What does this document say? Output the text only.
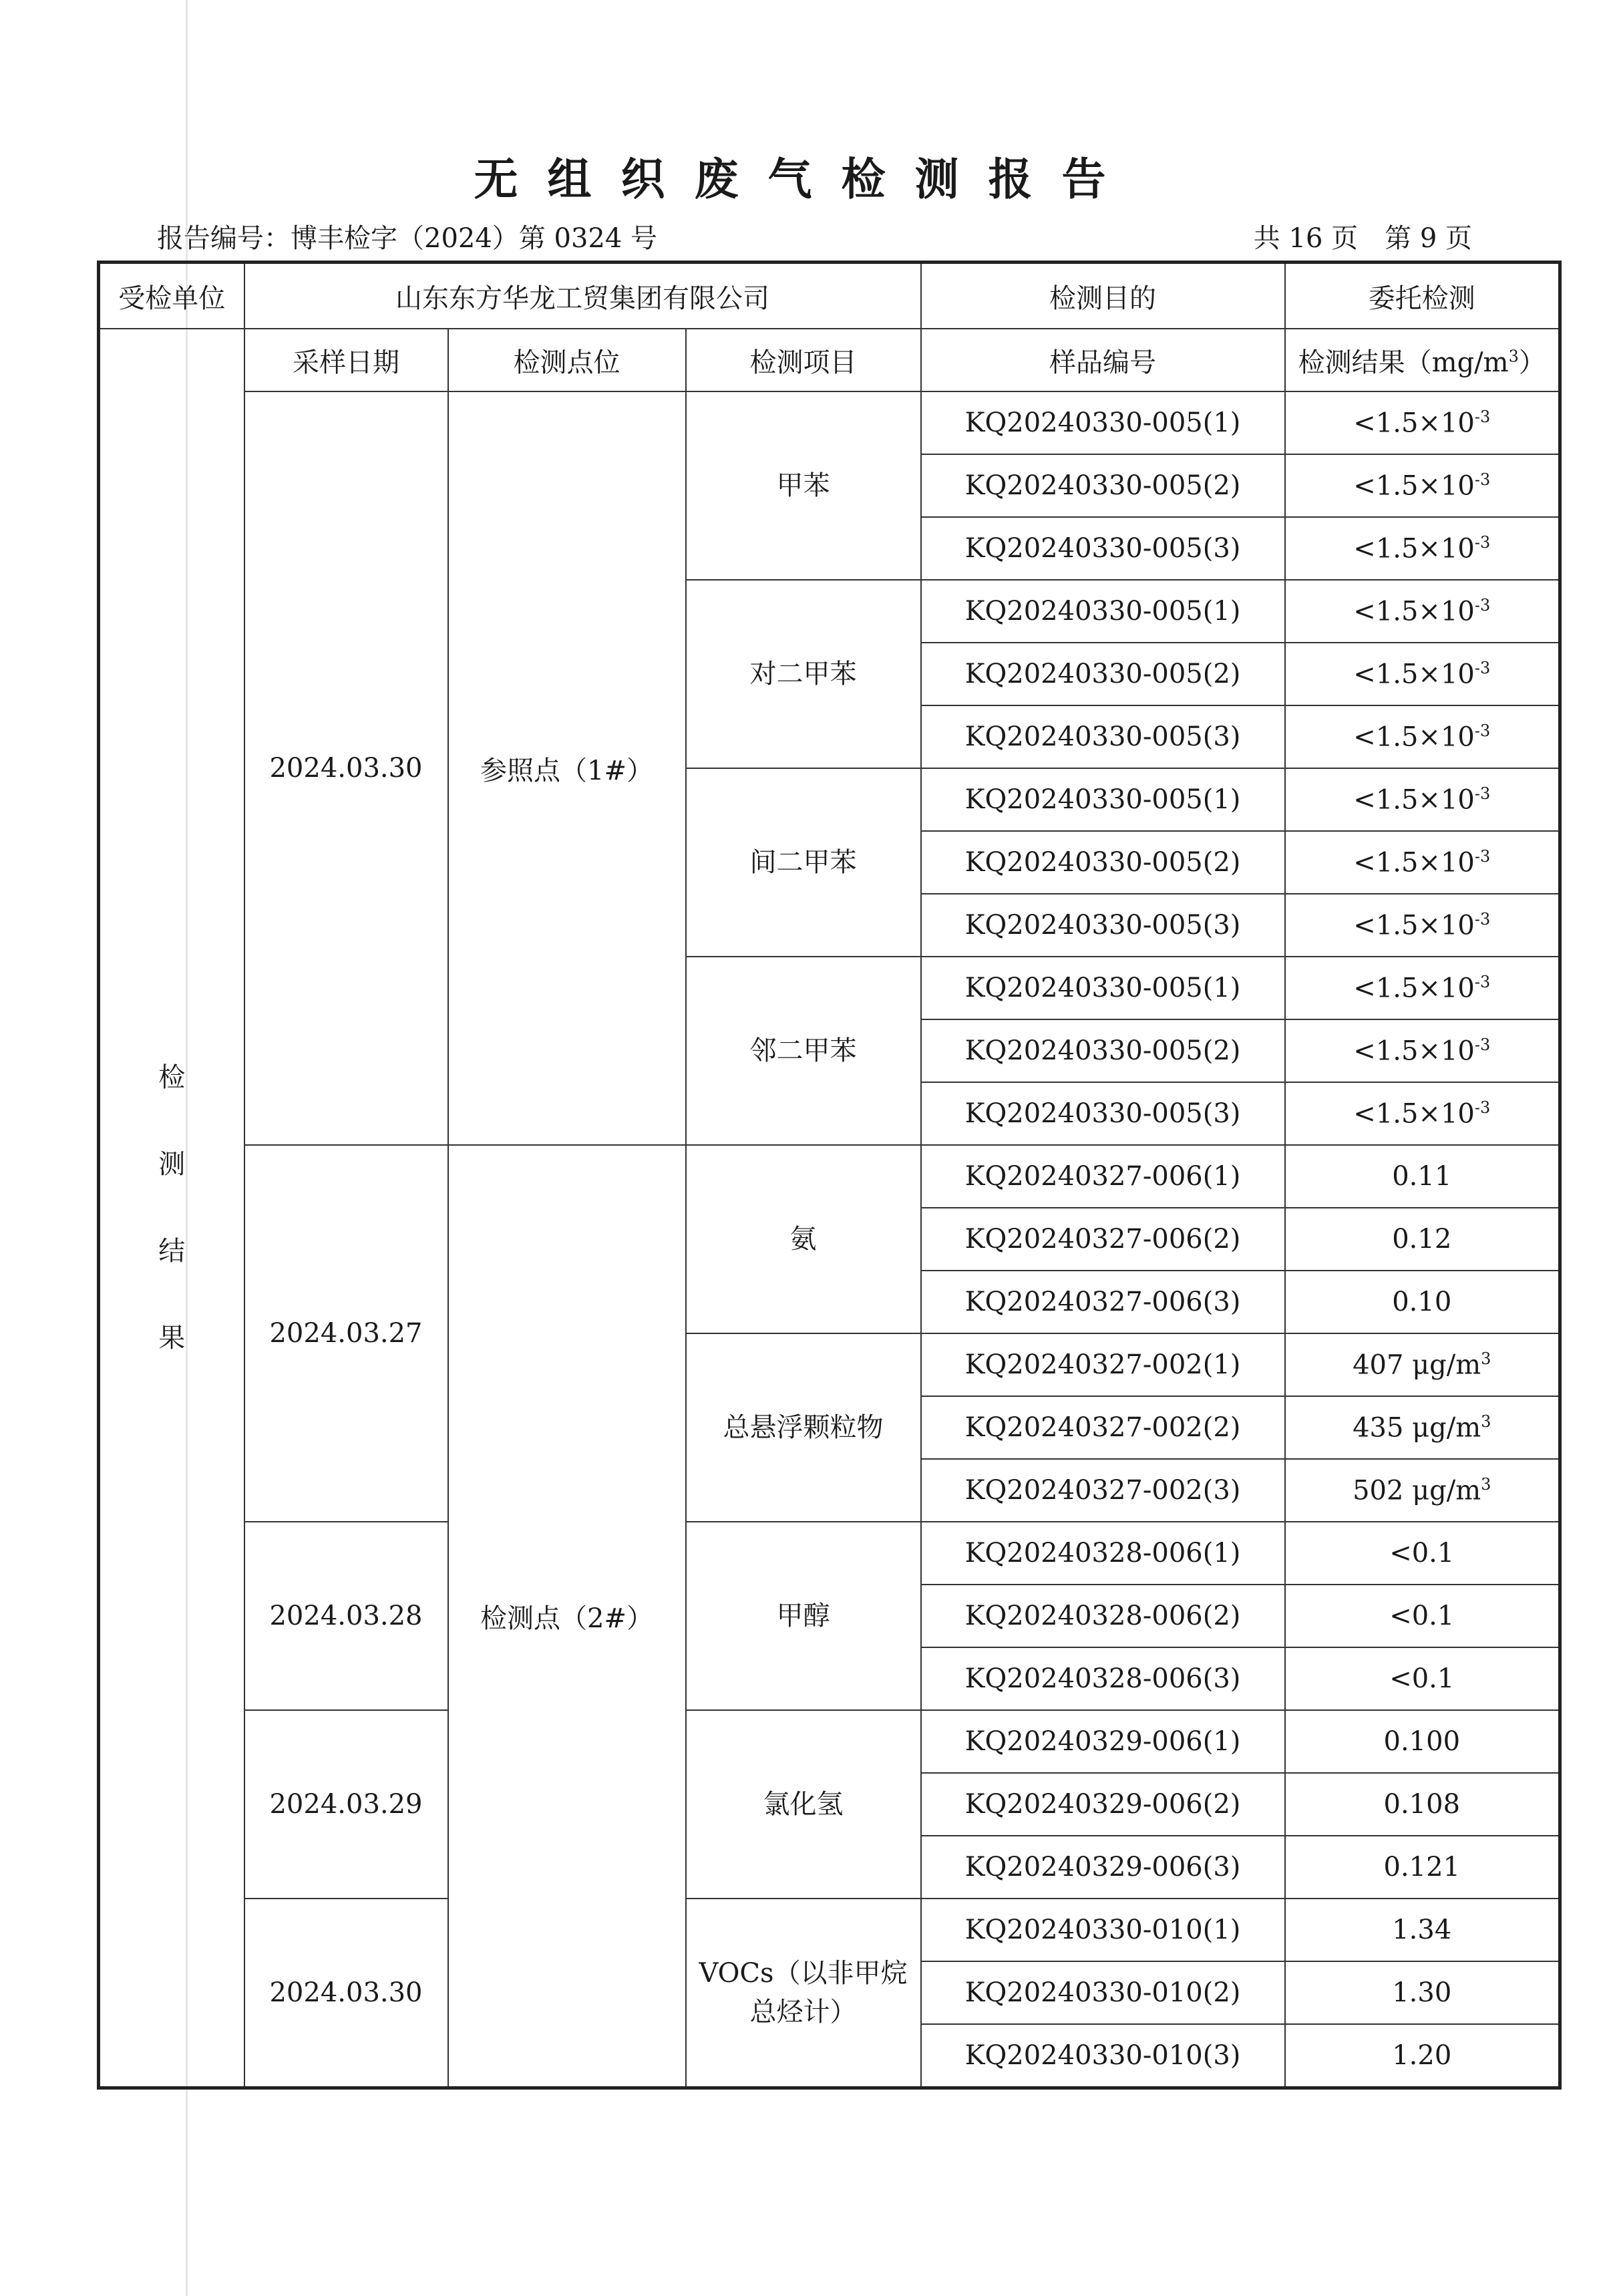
无组织废气检测报告
报告编号：博丰检字（2024）第 0324 号	共 16 页 第 9 页
受检单位	山东东方华龙工贸集团有限公司			检测目的	委托检测
检
测
结
果	采样日期	检测点位	检测项目	样品编号	检测结果$(mg/m^3)$
	2024.03.30	参照点（1#）	甲苯	KQ20240330-005(1)	$<1.5\times 10^{-3}$
				KQ20240330-005(2)	$<1.5\times 10^{-3}$
				KQ20240330-005(3)	$<1.5\times 10^{-3}$
			对二甲苯	KQ20240330-005(1)	$<1.5\times 10^{-3}$
				KQ20240330-005(2)	$<1.5\times 10^{-3}$
				KQ20240330-005(3)	$<1.5\times 10^{-3}$
			间二甲苯	KQ20240330-005(1)	$<1.5\times 10^{-3}$
				KQ20240330-005(2)	$<1.5\times 10^{-3}$
				KQ20240330-005(3)	$<1.5\times 10^{-3}$
			邻二甲苯	KQ20240330-005(1)	$<1.5\times 10^{-3}$
				KQ20240330-005(2)	$<1.5\times 10^{-3}$
				KQ20240330-005(3)	$<1.5\times 10^{-3}$
	2024.03.27	检测点（2#）	氨	KQ20240327-006(1)	0.11
				KQ20240327-006(2)	0.12
				KQ20240327-006(3)	0.10
			总悬浮颗粒物	KQ20240327-002(1)	407 $\mu g/m^3$
				KQ20240327-002(2)	435 $\mu g/m^3$
				KQ20240327-002(3)	502 $\mu g/m^3$
	2024.03.28		甲醇	KQ20240328-006(1)	<0.1
				KQ20240328-006(2)	<0.1
				KQ20240328-006(3)	<0.1
	2024.03.29		氯化氢	KQ20240329-006(1)	0.100
				KQ20240329-006(2)	0.108
				KQ20240329-006(3)	0.121
	2024.03.30		VOCs（以非甲烷总烃计）	KQ20240330-010(1)	1.34
				KQ20240330-010(2)	1.30
				KQ20240330-010(3)	1.20
